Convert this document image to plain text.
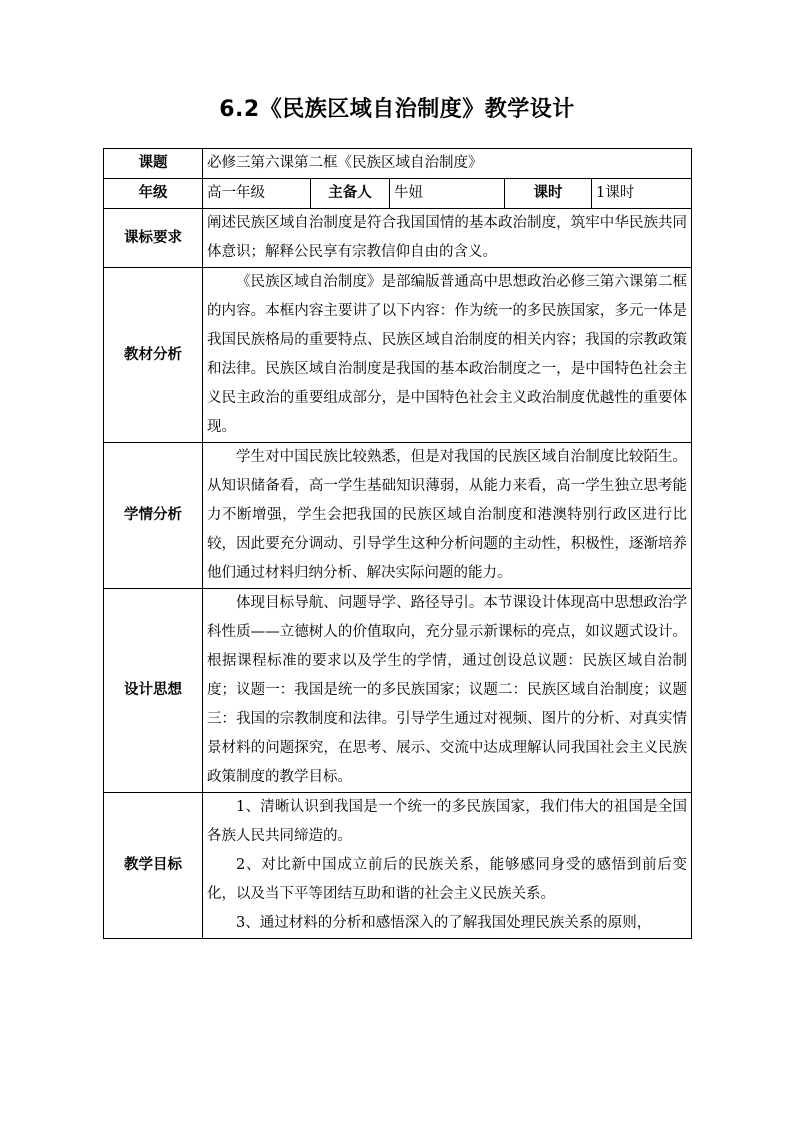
6.2《民族区域自治制度》教学设计
课题	必修三第六课第二框《民族区域自治制度》				
年级	高一年级	主备人	牛妞	课时	1课时
课标要求	阐述民族区域自治制度是符合我国国情的基本政治制度，筑牢中华民族共同体意识；解释公民享有宗教信仰自由的含义。				

教材分析	《民族区域自治制度》是部编版普通高中思想政治必修三第六课第二框的内容。本框内容主要讲了以下内容：作为统一的多民族国家，多元一体是我国民族格局的重要特点、民族区域自治制度的相关内容；我国的宗教政策和法律。民族区域自治制度是我国的基本政治制度之一，是中国特色社会主义民主政治的重要组成部分，是中国特色社会主义政治制度优越性的重要体现。				

学情分析	学生对中国民族比较熟悉，但是对我国的民族区域自治制度比较陌生。从知识储备看，高一学生基础知识薄弱，从能力来看，高一学生独立思考能力不断增强，学生会把我国的民族区域自治制度和港澳特别行政区进行比较，因此要充分调动、引导学生这种分析问题的主动性，积极性，逐渐培养他们通过材料归纳分析、解决实际问题的能力。				

设计思想	体现目标导航、问题导学、路径导引。本节课设计体现高中思想政治学科性质——立德树人的价值取向，充分显示新课标的亮点，如议题式设计。根据课程标准的要求以及学生的学情，通过创设总议题：民族区域自治制度；议题一：我国是统一的多民族国家；议题二：民族区域自治制度；议题三：我国的宗教制度和法律。引导学生通过对视频、图片的分析、对真实情景材料的问题探究，在思考、展示、交流中达成理解认同我国社会主义民族政策制度的教学目标。				

教学目标	1、清晰认识到我国是一个统一的多民族国家，我们伟大的祖国是全国各族人民共同缔造的。

2、对比新中国成立前后的民族关系，能够感同身受的感悟到前后变化，以及当下平等团结互助和谐的社会主义民族关系。

3、通过材料的分析和感悟深入的了解我国处理民族关系的原则，				
